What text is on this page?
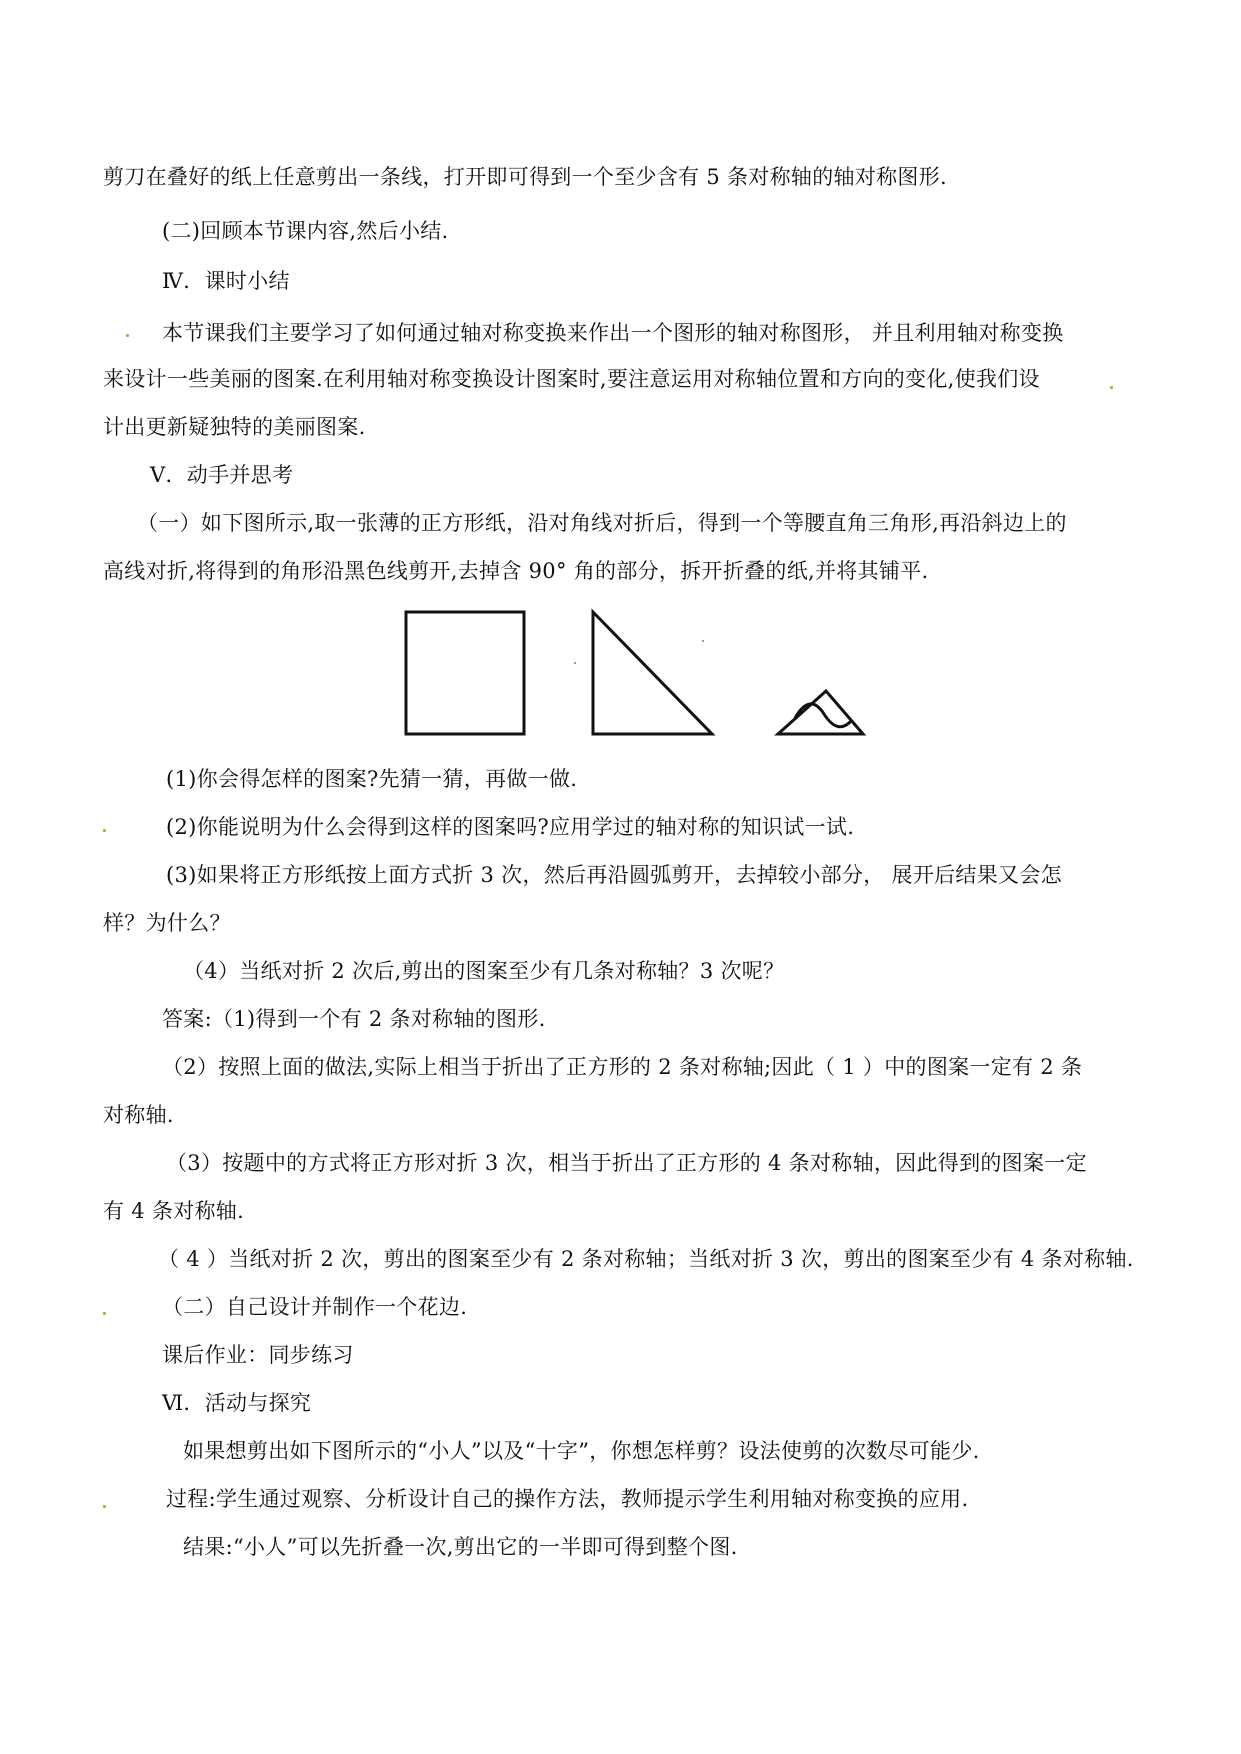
剪刀在叠好的纸上任意剪出一条线，打开即可得到一个至少含有 5 条对称轴的轴对称图形.
(二)回顾本节课内容,然后小结.
Ⅳ．课时小结
本节课我们主要学习了如何通过轴对称变换来作出一个图形的轴对称图形， 并且利用轴对称变换
来设计一些美丽的图案.在利用轴对称变换设计图案时,要注意运用对称轴位置和方向的变化,使我们设
计出更新疑独特的美丽图案.
Ⅴ．动手并思考
（一）如下图所示,取一张薄的正方形纸，沿对角线对折后，得到一个等腰直角三角形,再沿斜边上的
高线对折,将得到的角形沿黑色线剪开,去掉含 90° 角的部分，拆开折叠的纸,并将其铺平.
(1)你会得怎样的图案?先猜一猜，再做一做.
(2)你能说明为什么会得到这样的图案吗?应用学过的轴对称的知识试一试.
(3)如果将正方形纸按上面方式折 3 次，然后再沿圆弧剪开，去掉较小部分， 展开后结果又会怎
样？为什么？
（4）当纸对折 2 次后,剪出的图案至少有几条对称轴？3 次呢？
答案:（1)得到一个有 2 条对称轴的图形.
（2）按照上面的做法,实际上相当于折出了正方形的 2 条对称轴;因此（ 1 ）中的图案一定有 2 条
对称轴.
（3）按题中的方式将正方形对折 3 次，相当于折出了正方形的 4 条对称轴，因此得到的图案一定
有 4 条对称轴.
（ 4 ）当纸对折 2 次，剪出的图案至少有 2 条对称轴；当纸对折 3 次，剪出的图案至少有 4 条对称轴.
（二）自己设计并制作一个花边.
课后作业：同步练习
Ⅵ．活动与探究
如果想剪出如下图所示的“小人”以及“十字”，你想怎样剪？设法使剪的次数尽可能少.
过程:学生通过观察、分析设计自己的操作方法，教师提示学生利用轴对称变换的应用.
结果:“小人”可以先折叠一次,剪出它的一半即可得到整个图.
